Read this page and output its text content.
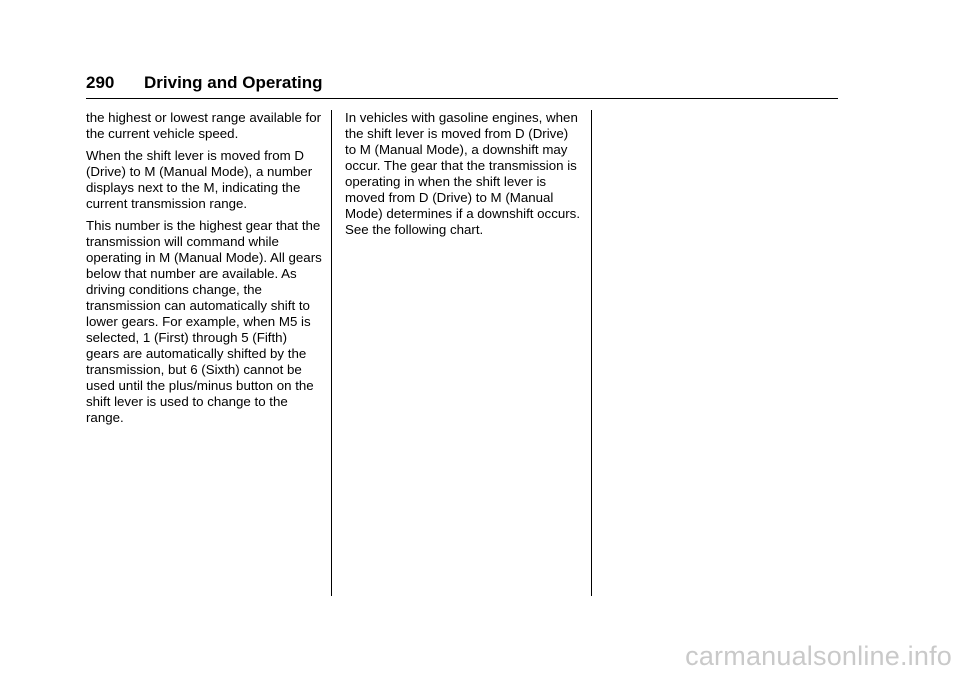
290 Driving and Operating

the highest or lowest range available for the current vehicle speed.

When the shift lever is moved from D (Drive) to M (Manual Mode), a number displays next to the M, indicating the current transmission range.

This number is the highest gear that the transmission will command while operating in M (Manual Mode). All gears below that number are available. As driving conditions change, the transmission can automatically shift to lower gears. For example, when M5 is selected, 1 (First) through 5 (Fifth) gears are automatically shifted by the transmission, but 6 (Sixth) cannot be used until the plus/minus button on the shift lever is used to change to the range.

In vehicles with gasoline engines, when the shift lever is moved from D (Drive) to M (Manual Mode), a downshift may occur. The gear that the transmission is operating in when the shift lever is moved from D (Drive) to M (Manual Mode) determines if a downshift occurs. See the following chart.

carmanualsonline.info
